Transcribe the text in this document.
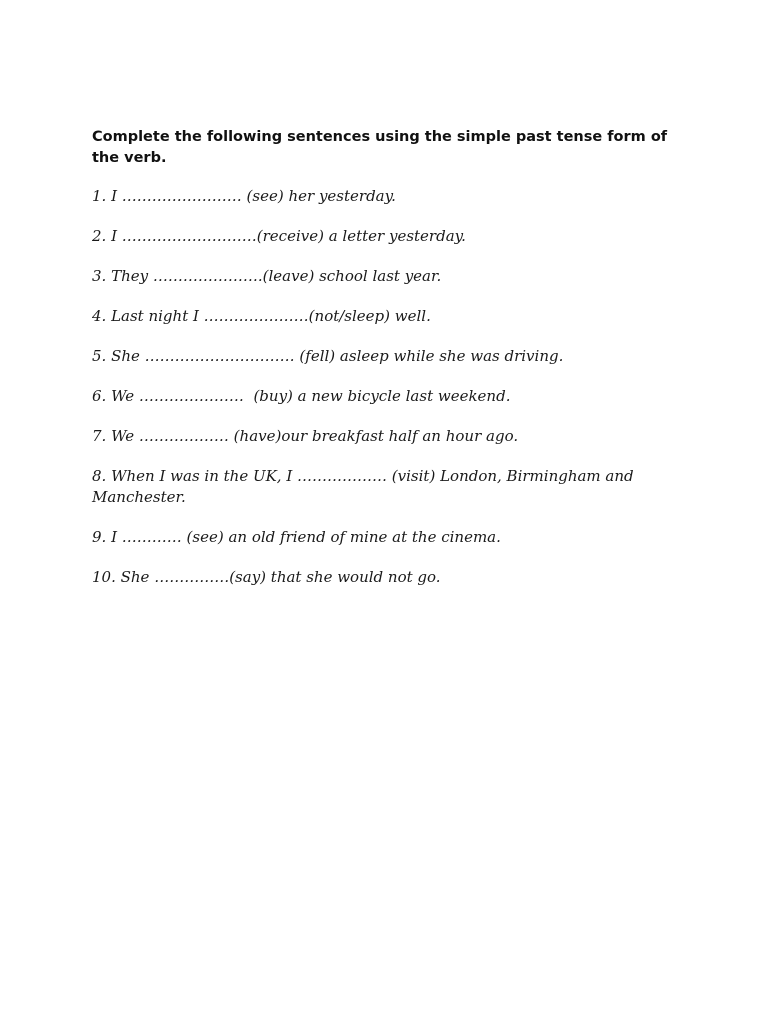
Complete the following sentences using the simple past tense form of the verb.

1. I …………………… (see) her yesterday.
2. I ………………………(receive) a letter yesterday.
3. They ………………….(leave) school last year.
4. Last night I …………………(not/sleep) well.
5. She ………………………… (fell) asleep while she was driving.
6. We …………………  (buy) a new bicycle last weekend.
7. We ……………… (have)our breakfast half an hour ago.
8. When I was in the UK, I ……………… (visit) London, Birmingham and Manchester.
9. I ………… (see) an old friend of mine at the cinema.
10. She ……………(say) that she would not go.
